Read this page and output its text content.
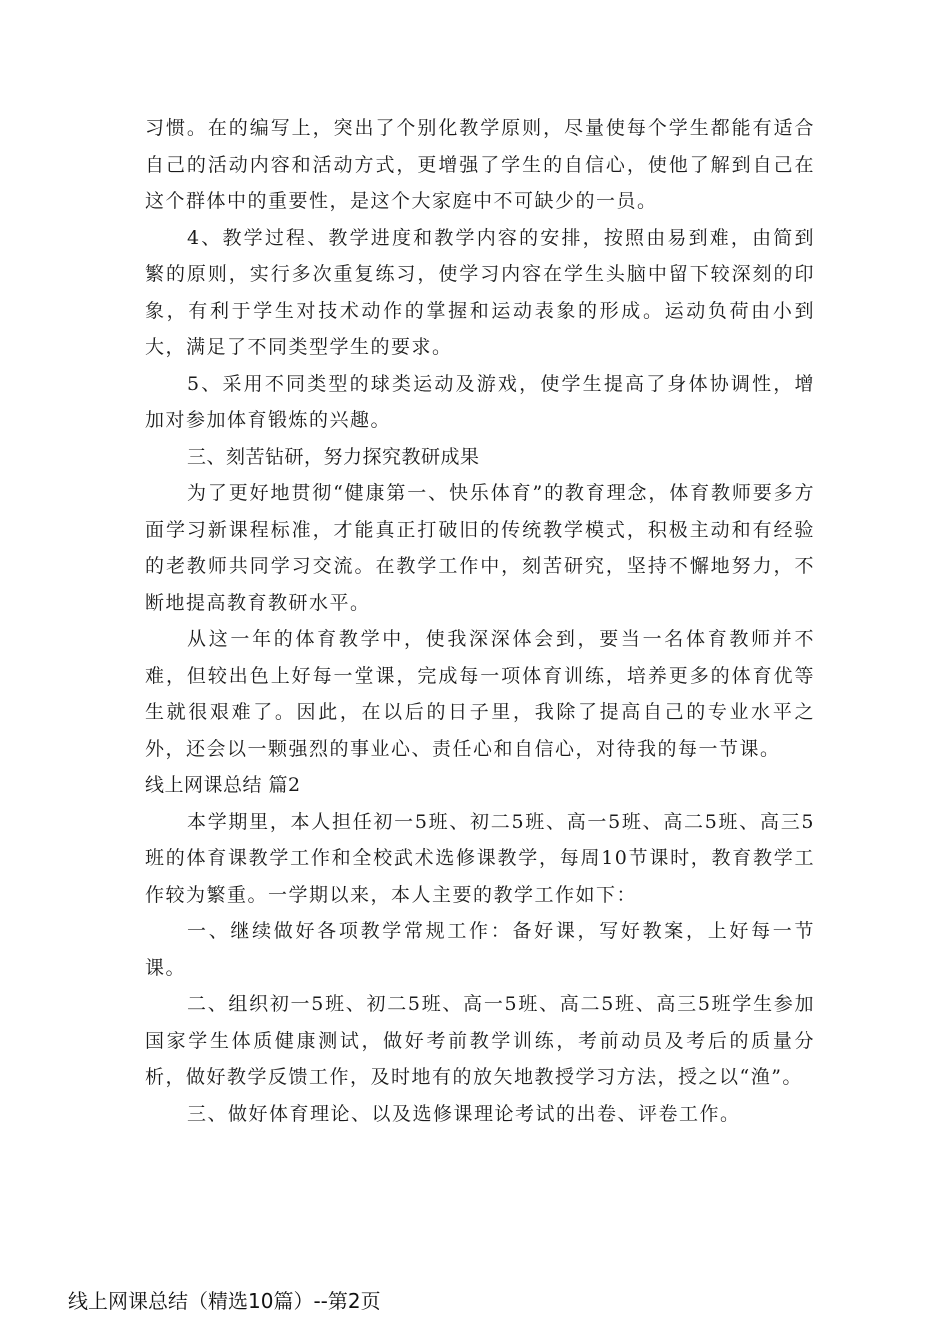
习惯。在的编写上，突出了个别化教学原则，尽量使每个学生都能有适合自己的活动内容和活动方式，更增强了学生的自信心，使他了解到自己在这个群体中的重要性，是这个大家庭中不可缺少的一员。

4、教学过程、教学进度和教学内容的安排，按照由易到难，由简到繁的原则，实行多次重复练习，使学习内容在学生头脑中留下较深刻的印象，有利于学生对技术动作的掌握和运动表象的形成。运动负荷由小到大，满足了不同类型学生的要求。

5、采用不同类型的球类运动及游戏，使学生提高了身体协调性，增加对参加体育锻炼的兴趣。

三、刻苦钻研，努力探究教研成果

为了更好地贯彻“健康第一、快乐体育”的教育理念，体育教师要多方面学习新课程标准，才能真正打破旧的传统教学模式，积极主动和有经验的老教师共同学习交流。在教学工作中，刻苦研究，坚持不懈地努力，不断地提高教育教研水平。

从这一年的体育教学中，使我深深体会到，要当一名体育教师并不难，但较出色上好每一堂课，完成每一项体育训练，培养更多的体育优等生就很艰难了。因此，在以后的日子里，我除了提高自己的专业水平之外，还会以一颗强烈的事业心、责任心和自信心，对待我的每一节课。

线上网课总结 篇2

本学期里，本人担任初一5班、初二5班、高一5班、高二5班、高三5班的体育课教学工作和全校武术选修课教学，每周10节课时，教育教学工作较为繁重。一学期以来，本人主要的教学工作如下：

一、继续做好各项教学常规工作：备好课，写好教案，上好每一节课。

二、组织初一5班、初二5班、高一5班、高二5班、高三5班学生参加国家学生体质健康测试，做好考前教学训练，考前动员及考后的质量分析，做好教学反馈工作，及时地有的放矢地教授学习方法，授之以“渔”。

三、做好体育理论、以及选修课理论考试的出卷、评卷工作。

线上网课总结（精选10篇）--第2页
